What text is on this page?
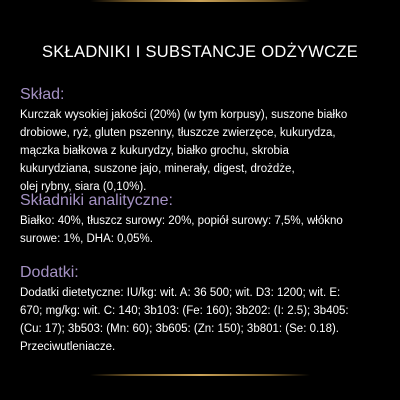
SKŁADNIKI I SUBSTANCJE ODŻYWCZE
Skład:
Kurczak wysokiej jakości (20%) (w tym korpusy), suszone białko
drobiowe, ryż, gluten pszenny, tłuszcze zwierzęce, kukurydza,
mączka białkowa z kukurydzy, białko grochu, skrobia
kukurydziana, suszone jajo, minerały, digest, drożdże,
olej rybny, siara (0,10%).
Składniki analityczne:
Białko: 40%, tłuszcz surowy: 20%, popiół surowy: 7,5%, włókno
surowe: 1%, DHA: 0,05%.
Dodatki:
Dodatki dietetyczne: IU/kg: wit. A: 36 500; wit. D3: 1200; wit. E:
670; mg/kg: wit. C: 140; 3b103: (Fe: 160); 3b202: (I: 2.5); 3b405:
(Cu: 17); 3b503: (Mn: 60); 3b605: (Zn: 150); 3b801: (Se: 0.18).
Przeciwutleniacze.
